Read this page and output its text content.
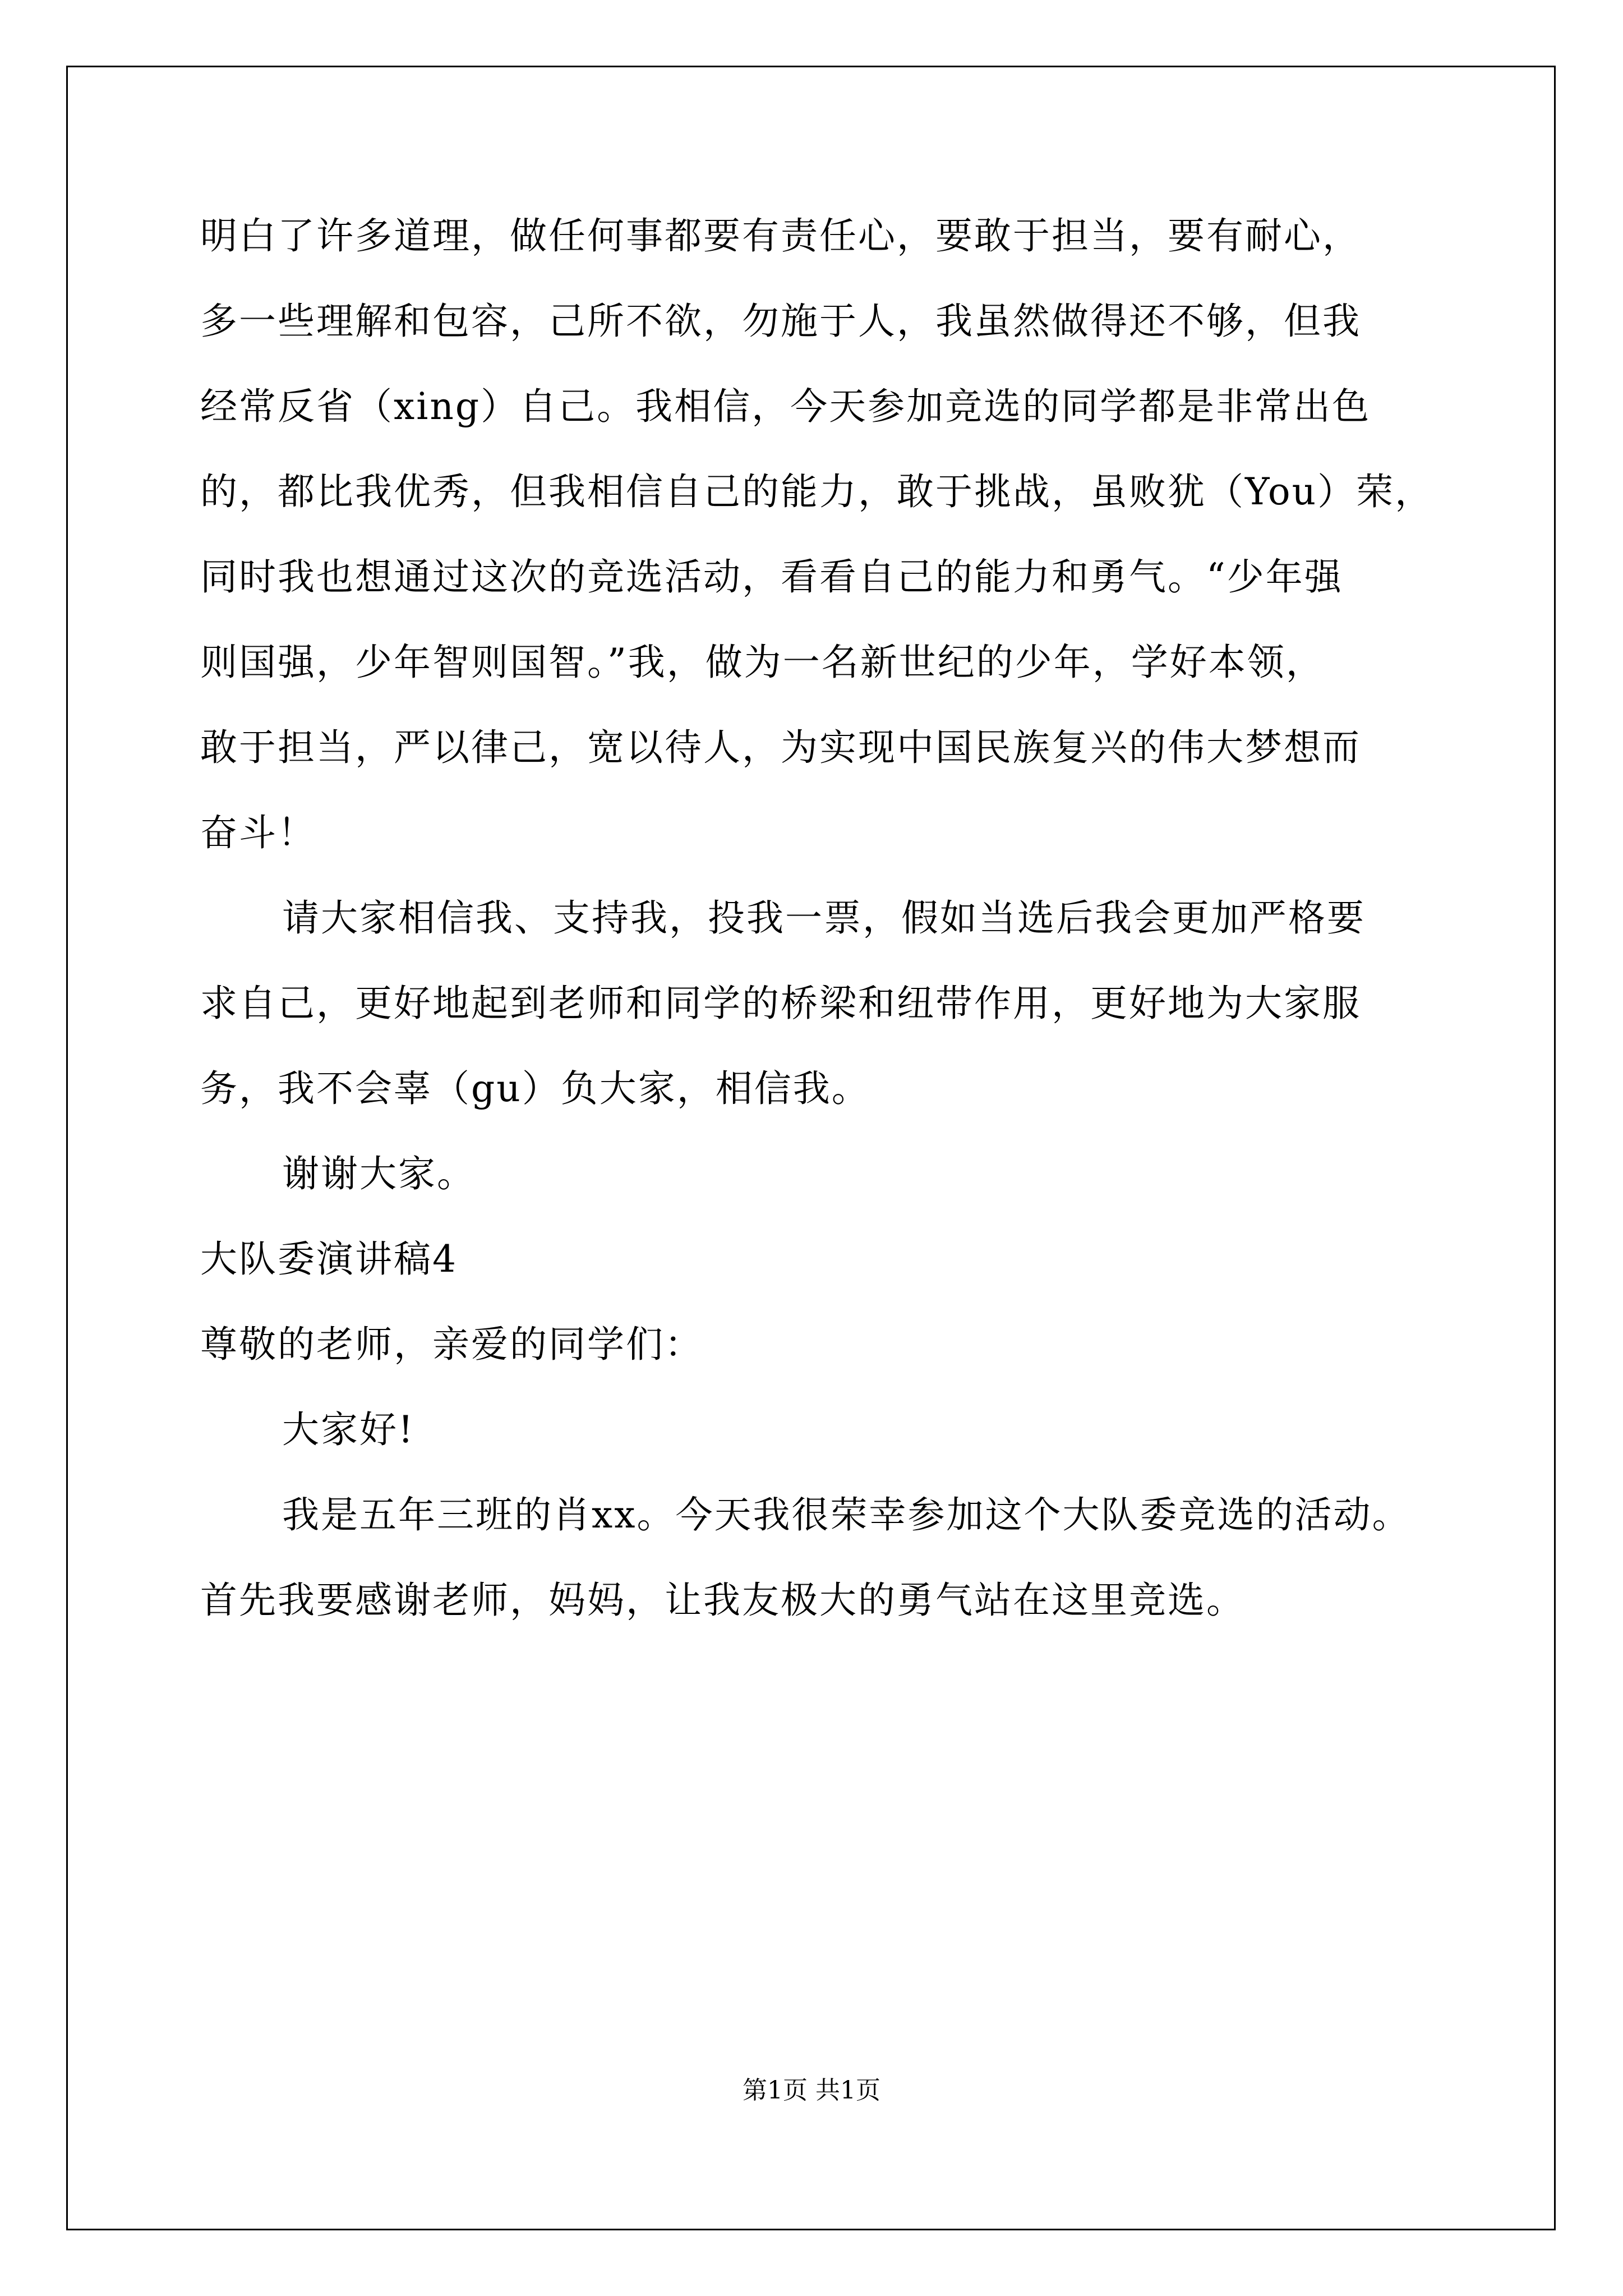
明白了许多道理，做任何事都要有责任心，要敢于担当，要有耐心，
多一些理解和包容，己所不欲，勿施于人，我虽然做得还不够，但我
经常反省（xing）自己。我相信，今天参加竞选的同学都是非常出色
的，都比我优秀，但我相信自己的能力，敢于挑战，虽败犹（You）荣，
同时我也想通过这次的竞选活动，看看自己的能力和勇气。“少年强
则国强，少年智则国智。”我，做为一名新世纪的少年，学好本领，
敢于担当，严以律己，宽以待人，为实现中国民族复兴的伟大梦想而
奋斗！
请大家相信我、支持我，投我一票，假如当选后我会更加严格要
求自己，更好地起到老师和同学的桥梁和纽带作用，更好地为大家服
务，我不会辜（gu）负大家，相信我。
谢谢大家。
大队委演讲稿4
尊敬的老师，亲爱的同学们：
大家好!
我是五年三班的肖xx。今天我很荣幸参加这个大队委竞选的活动。
首先我要感谢老师，妈妈，让我友极大的勇气站在这里竞选。
第1页 共1页
